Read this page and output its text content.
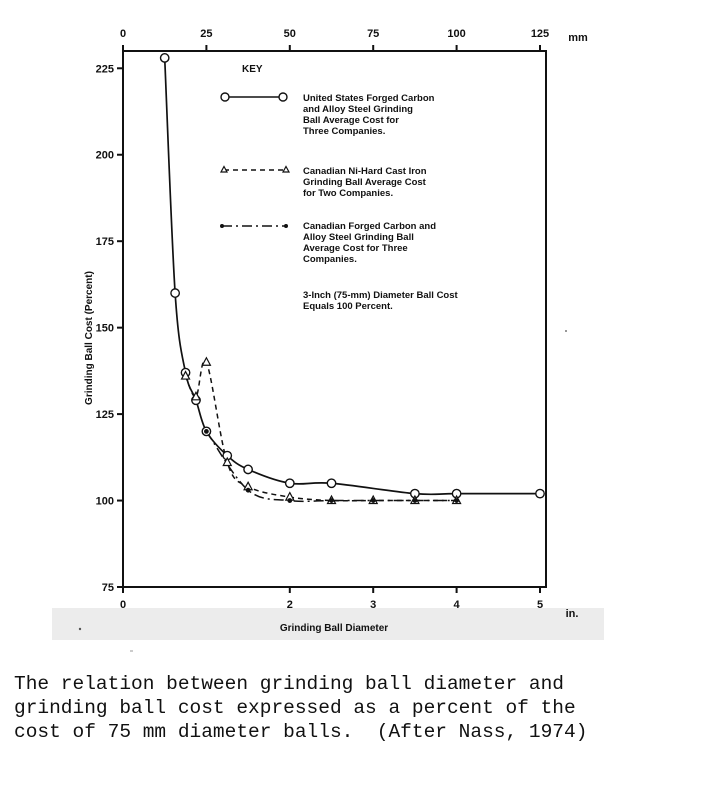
75
100
125
150
175
200
225
0	2	3	4	5
0	25	50	75	100	125 mm
in.
Grinding Ball Diameter
Grinding Ball Cost (Percent)
KEY
United States Forged Carbon and Alloy Steel Grinding Ball Average Cost for Three Companies.
Canadian Ni-Hard Cast Iron Grinding Ball Average Cost for Two Companies.
Canadian Forged Carbon and Alloy Steel Grinding Ball Average Cost for Three Companies.
3-Inch (75-mm) Diameter Ball Cost Equals 100 Percent.
The relation between grinding ball diameter and
grinding ball cost expressed as a percent of the
cost of 75 mm diameter balls.  (After Nass, 1974)
